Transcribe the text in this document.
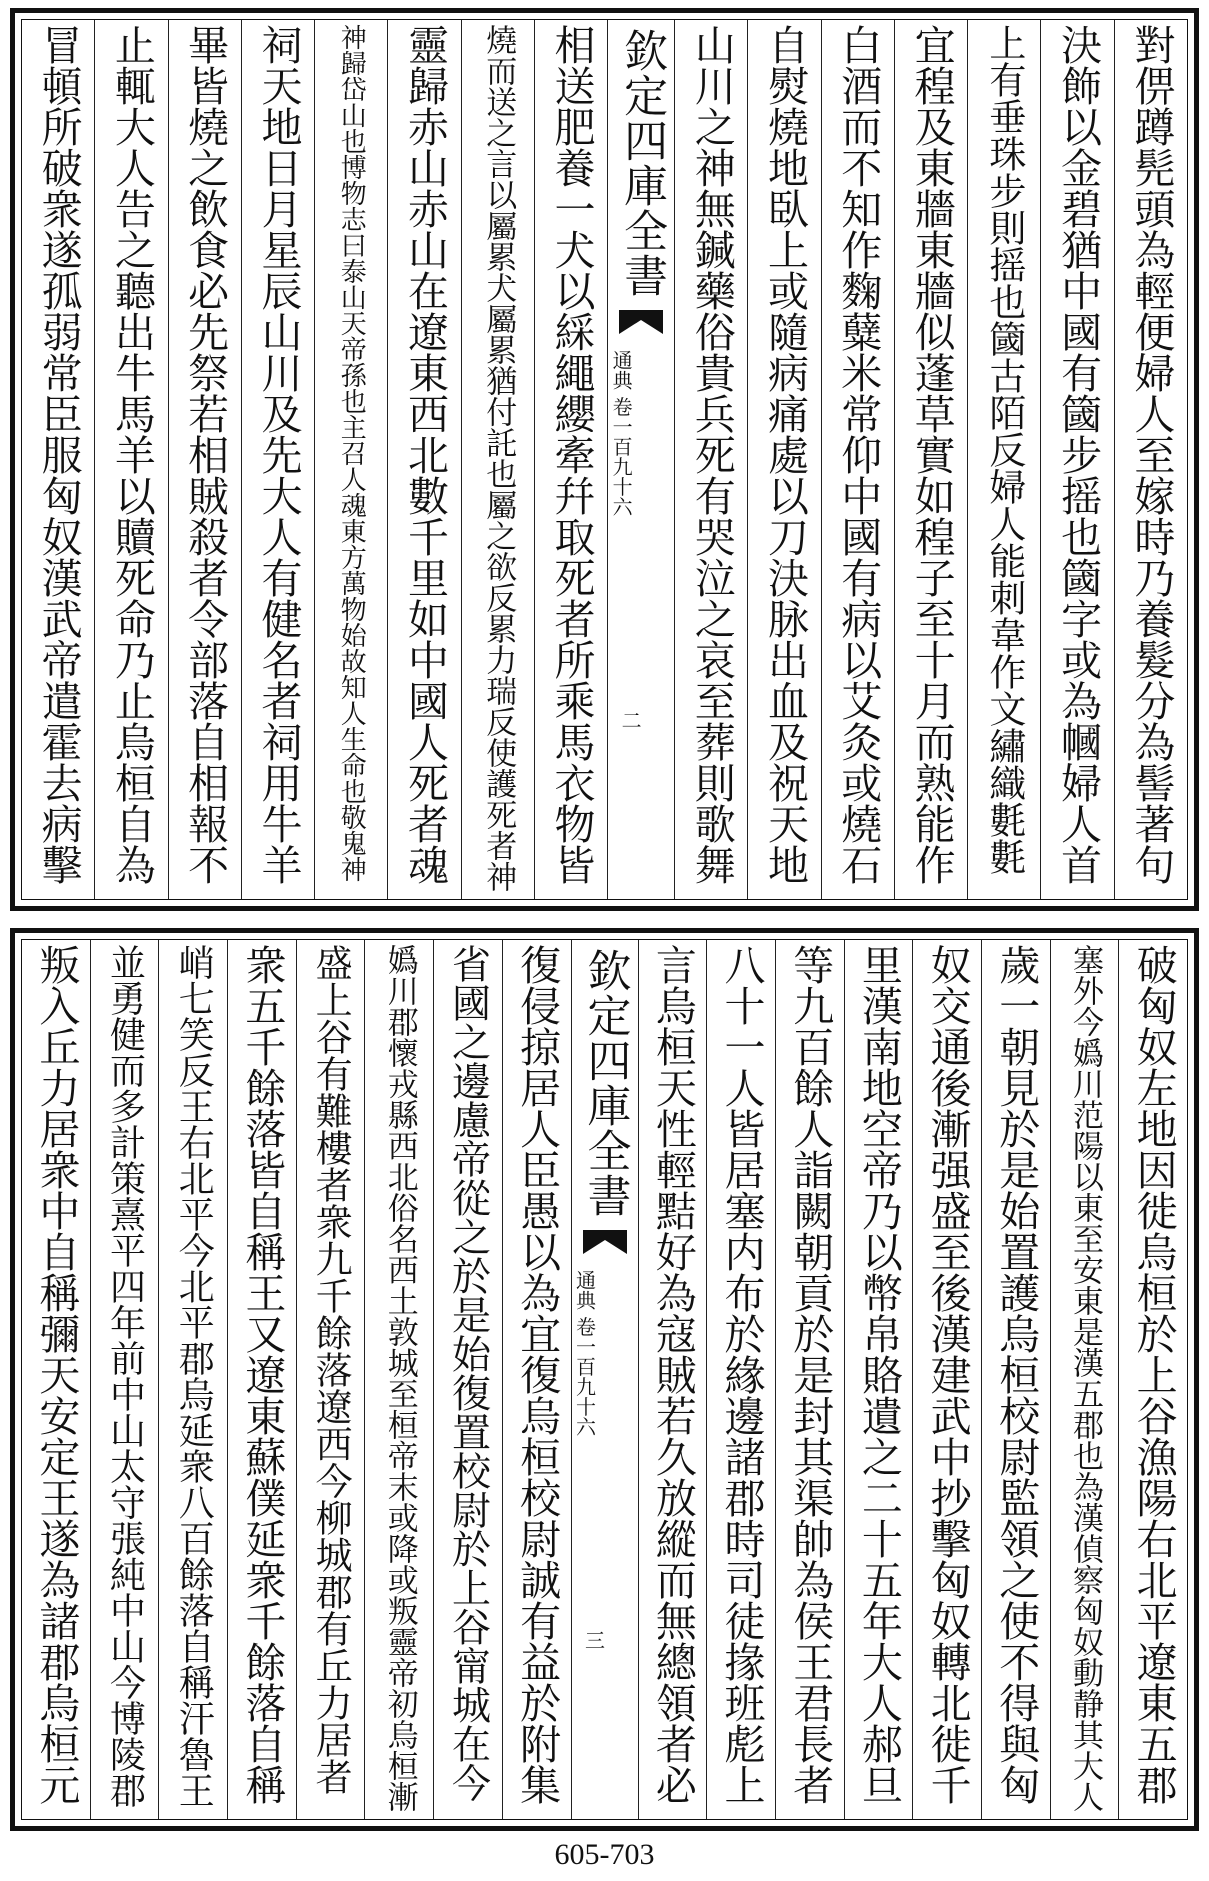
對㑭蹲髡頭為輕便婦人至嫁時乃養髮分為髻著句
決飾以金碧猶中國有簂步摇也簂字或為幗婦人首
上有垂珠步則摇也簂古陌反婦人能刺韋作文繡織氀氀
宜䅣及東牆東牆似蓬草實如䅣子至十月而熟能作
白酒而不知作麴糵米常仰中國有病以艾灸或燒石
自熨燒地臥上或隨病痛處以刀決脉出血及祝天地
山川之神無鍼藥俗貴兵死有哭泣之哀至葬則歌舞
欽定四庫全書
通典 卷一百九十六
二
相送肥養一犬以綵繩纓牽幷取死者所乘馬衣物皆
燒而送之言以屬累犬屬累猶付託也屬之欲反累力瑞反使護死者神
靈歸赤山赤山在遼東西北數千里如中國人死者魂
神歸岱山也博物志曰泰山天帝孫也主召人魂東方萬物始故知人生命也敬鬼神
祠天地日月星辰山川及先大人有健名者祠用牛羊
畢皆燒之飲食必先祭若相賊殺者令部落自相報不
止輒大人告之聽出牛馬羊以贖死命乃止烏桓自為
冒頓所破衆遂孤弱常臣服匈奴漢武帝遣霍去病擊
破匈奴左地因徙烏桓於上谷漁陽右北平遼東五郡
塞外今嬀川范陽以東至安東是漢五郡也為漢偵察匈奴動静其大人
歲一朝見於是始置護烏桓校尉監領之使不得與匈
奴交通後漸强盛至後漢建武中抄擊匈奴轉北徙千
里漢南地空帝乃以幣帛賂遺之二十五年大人郝旦
等九百餘人詣闕朝貢於是封其渠帥為侯王君長者
八十一人皆居塞内布於緣邊諸郡時司徒掾班彪上
言烏桓天性輕黠好為寇賊若久放縱而無總領者必
欽定四庫全書
通典 卷一百九十六
三
復侵掠居人臣愚以為宜復烏桓校尉誠有益於附集
省國之邊慮帝從之於是始復置校尉於上谷甯城在今
嬀川郡懷戎縣西北俗名西土敦城至桓帝末或降或叛靈帝初烏桓漸
盛上谷有難樓者衆九千餘落遼西今柳城郡有丘力居者
衆五千餘落皆自稱王又遼東蘇僕延衆千餘落自稱
峭七笑反王右北平今北平郡烏延衆八百餘落自稱汗魯王
並勇健而多計策熹平四年前中山太守張純中山今博陵郡
叛入丘力居衆中自稱彌天安定王遂為諸郡烏桓元
605-703
